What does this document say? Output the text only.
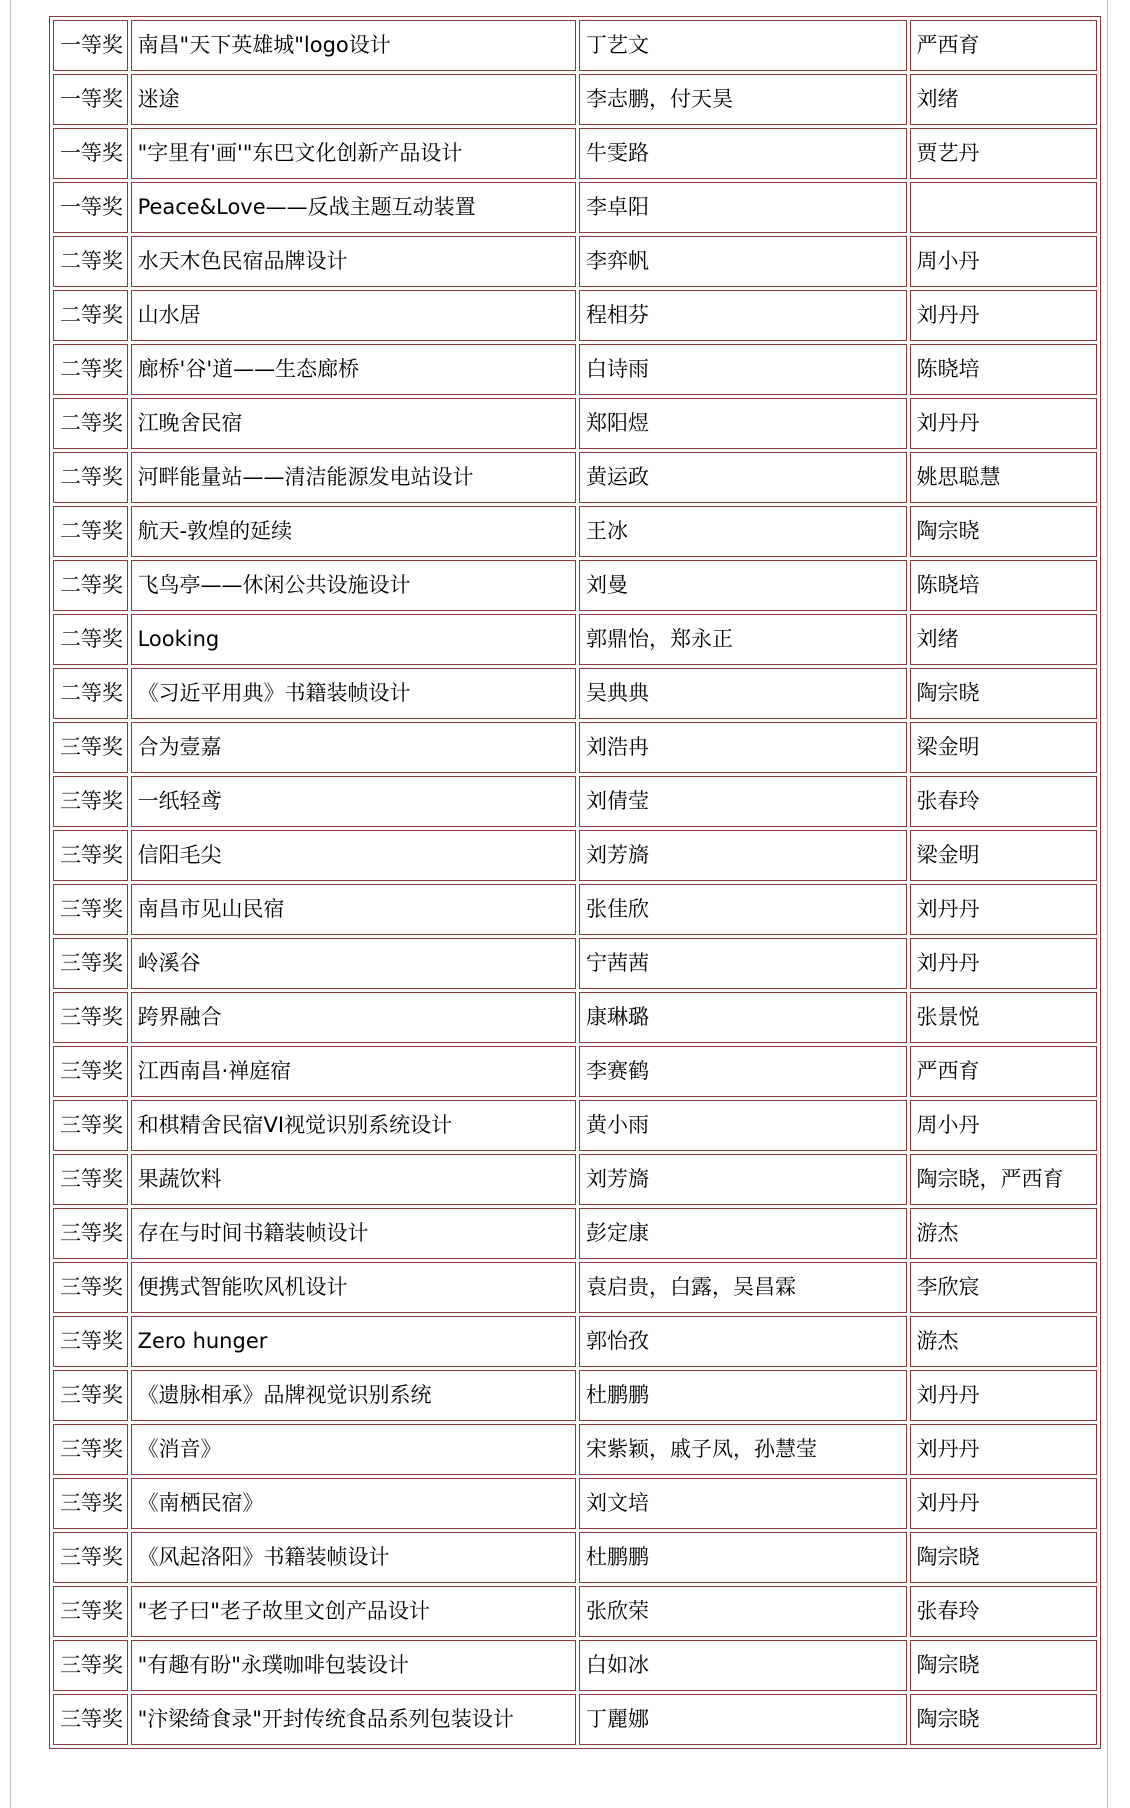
一等奖	南昌"天下英雄城"logo设计	丁艺文	严西育
一等奖	迷途	李志鹏，付天昊	刘绪
一等奖	"字里有'画'"东巴文化创新产品设计	牛雯路	贾艺丹
一等奖	Peace&Love——反战主题互动装置	李卓阳	
二等奖	水天木色民宿品牌设计	李弈帆	周小丹
二等奖	山水居	程相芬	刘丹丹
二等奖	廊桥'谷'道——生态廊桥	白诗雨	陈晓培
二等奖	江晚舍民宿	郑阳煜	刘丹丹
二等奖	河畔能量站——清洁能源发电站设计	黄运政	姚思聪慧
二等奖	航天-敦煌的延续	王冰	陶宗晓
二等奖	飞鸟亭——休闲公共设施设计	刘曼	陈晓培
二等奖	Looking	郭鼎怡，郑永正	刘绪
二等奖	《习近平用典》书籍装帧设计	吴典典	陶宗晓
三等奖	合为壹嘉	刘浩冉	梁金明
三等奖	一纸轻鸢	刘倩莹	张春玲
三等奖	信阳毛尖	刘芳旖	梁金明
三等奖	南昌市见山民宿	张佳欣	刘丹丹
三等奖	岭溪谷	宁茜茜	刘丹丹
三等奖	跨界融合	康琳璐	张景悦
三等奖	江西南昌·禅庭宿	李赛鹤	严西育
三等奖	和棋精舍民宿VI视觉识别系统设计	黄小雨	周小丹
三等奖	果蔬饮料	刘芳旖	陶宗晓，严西育
三等奖	存在与时间书籍装帧设计	彭定康	游杰
三等奖	便携式智能吹风机设计	袁启贵，白露，吴昌霖	李欣宸
三等奖	Zero hunger	郭怡孜	游杰
三等奖	《遗脉相承》品牌视觉识别系统	杜鹏鹏	刘丹丹
三等奖	《消音》	宋紫颖，戚子凤，孙慧莹	刘丹丹
三等奖	《南栖民宿》	刘文培	刘丹丹
三等奖	《风起洛阳》书籍装帧设计	杜鹏鹏	陶宗晓
三等奖	"老子曰"老子故里文创产品设计	张欣荣	张春玲
三等奖	"有趣有盼"永璞咖啡包装设计	白如冰	陶宗晓
三等奖	"汴梁绮食录"开封传统食品系列包装设计	丁麗娜	陶宗晓
